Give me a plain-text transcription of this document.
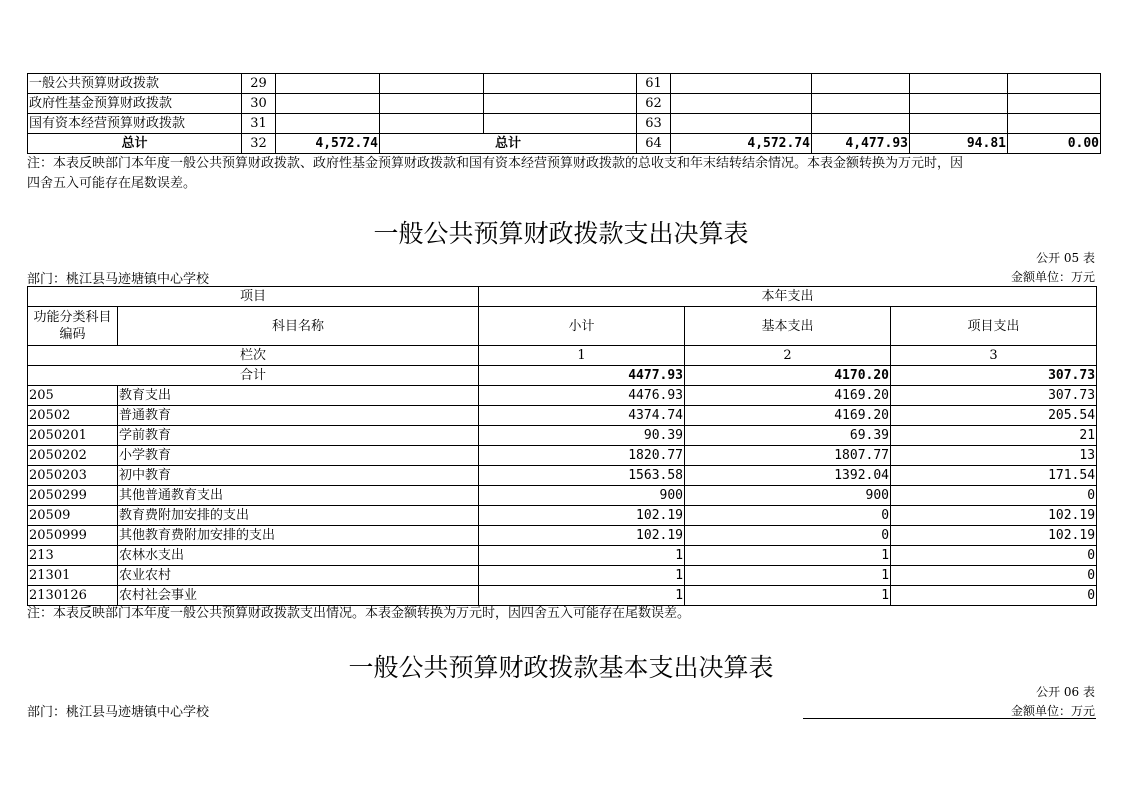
一般公共预算财政拨款	29				61				
政府性基金预算财政拨款	30				62				
国有资本经营预算财政拨款	31				63				
总计	32	4,572.74	总计		64	4,572.74	4,477.93	94.81	0.00
注：本表反映部门本年度一般公共预算财政拨款、政府性基金预算财政拨款和国有资本经营预算财政拨款的总收支和年末结转结余情况。本表金额转换为万元时，因
四舍五入可能存在尾数误差。
一般公共预算财政拨款支出决算表
公开 05 表
部门：桃江县马迹塘镇中心学校	金额单位：万元
项目		本年支出		
功能分类科目编码	科目名称	小计	基本支出	项目支出
栏次		1	2	3
合计		4477.93	4170.20	307.73
205	教育支出	4476.93	4169.20	307.73
20502	普通教育	4374.74	4169.20	205.54
2050201	学前教育	90.39	69.39	21
2050202	小学教育	1820.77	1807.77	13
2050203	初中教育	1563.58	1392.04	171.54
2050299	其他普通教育支出	900	900	0
20509	教育费附加安排的支出	102.19	0	102.19
2050999	其他教育费附加安排的支出	102.19	0	102.19
213	农林水支出	1	1	0
21301	农业农村	1	1	0
2130126	农村社会事业	1	1	0
注：本表反映部门本年度一般公共预算财政拨款支出情况。本表金额转换为万元时，因四舍五入可能存在尾数误差。
一般公共预算财政拨款基本支出决算表
公开 06 表
部门：桃江县马迹塘镇中心学校	金额单位：万元
